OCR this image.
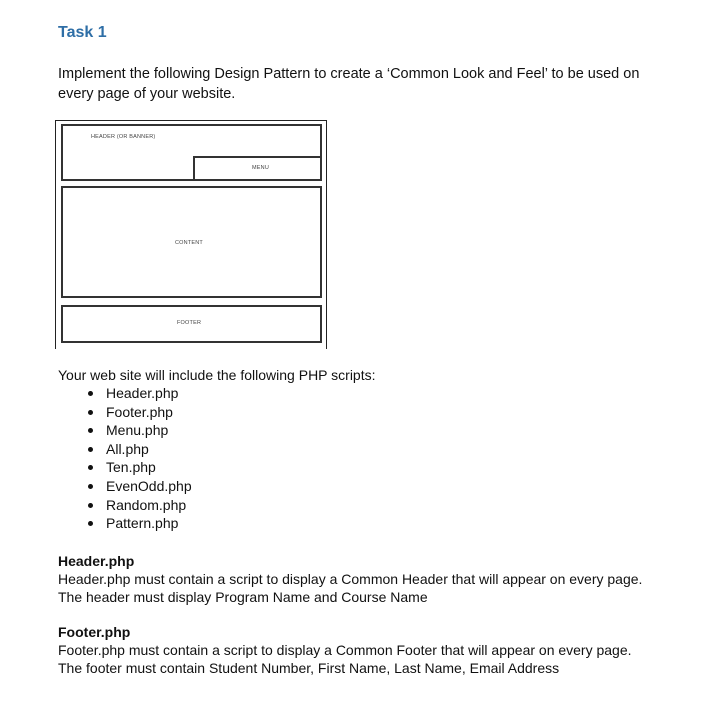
Task 1

Implement the following Design Pattern to create a ‘Common Look and Feel’ to be used on every page of your website.

HEADER (OR BANNER)
MENU
CONTENT
FOOTER

Your web site will include the following PHP scripts:

Header.php
Footer.php
Menu.php
All.php
Ten.php
EvenOdd.php
Random.php
Pattern.php
Header.php

Header.php must contain a script to display a Common Header that will appear on every page.

The header must display Program Name and Course Name

Footer.php

Footer.php must contain a script to display a Common Footer that will appear on every page.

The footer must contain Student Number, First Name, Last Name, Email Address
